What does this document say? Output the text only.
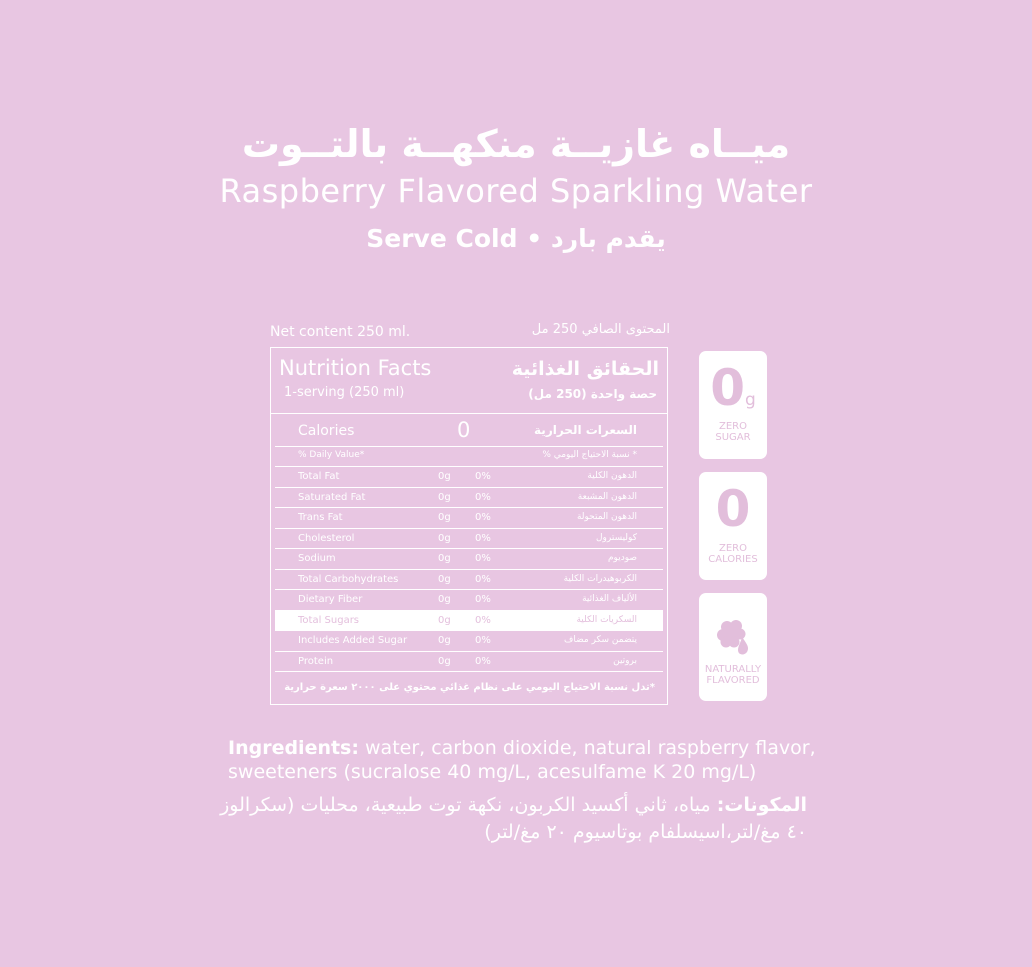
ميــاه غازيــة منكهــة بالتــوت
Raspberry Flavored Sparkling Water
Serve Cold • يقدم بارد
Net content 250 ml.	المحتوى الصافي 250 مل
Nutrition Facts
1-serving (250 ml)
الحقائق الغذائية
حصة واحدة (250 مل)
Calories	0	السعرات الحرارية
% Daily Value*	* نسبة الاحتياج اليومي %
Total Fat	0g 0%	الدهون الكلية
Saturated Fat	0g 0%	الدهون المشبعة
Trans Fat	0g 0%	الدهون المتحولة
Cholesterol	0g 0%	كوليسترول
Sodium	0g 0%	صوديوم
Total Carbohydrates	0g 0%	الكربوهيدرات الكلية
Dietary Fiber	0g 0%	الألياف الغذائية
Total Sugars	0g 0%	السكريات الكلية
Includes Added Sugar	0g 0%	يتضمن سكر مضاف
Protein	0g 0%	بروتين
*تدل نسبة الاحتياج اليومي على نظام غذائي محتوي على ٢٠٠٠ سعرة حرارية
0g
ZERO
SUGAR
0
ZERO
CALORIES
NATURALLY
FLAVORED
Ingredients: water, carbon dioxide, natural raspberry flavor, sweeteners (sucralose 40 mg/L, acesulfame K 20 mg/L)
المكونات: مياه، ثاني أكسيد الكربون، نكهة توت طبيعية، محليات (سكرالوز ٤٠ مغ/لتر،اسيسلفام بوتاسيوم ٢٠ مغ/لتر)
